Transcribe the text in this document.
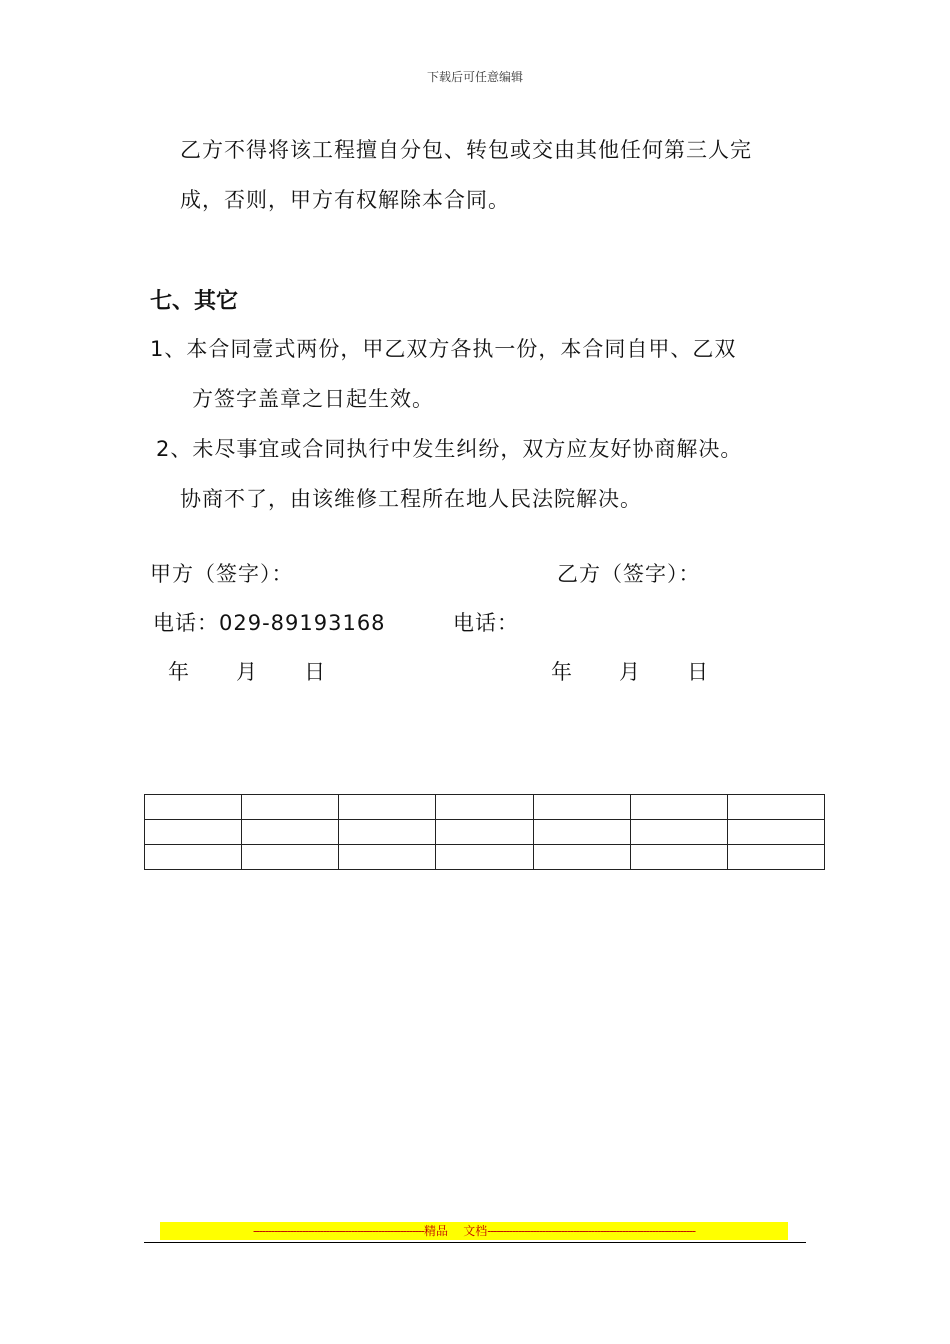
下载后可任意编辑
乙方不得将该工程擅自分包、转包或交由其他任何第三人完
成，否则，甲方有权解除本合同。
七、其它
1、本合同壹式两份，甲乙双方各执一份，本合同自甲、乙双
方签字盖章之日起生效。
2、未尽事宜或合同执行中发生纠纷，双方应友好协商解决。
协商不了，由该维修工程所在地人民法院解决。
甲方（签字）：	乙方（签字）：
电话：029-89193168	电话：
年      月      日	年      月      日

--------------------------------------------------------精品    文档--------------------------------------------------------------------
